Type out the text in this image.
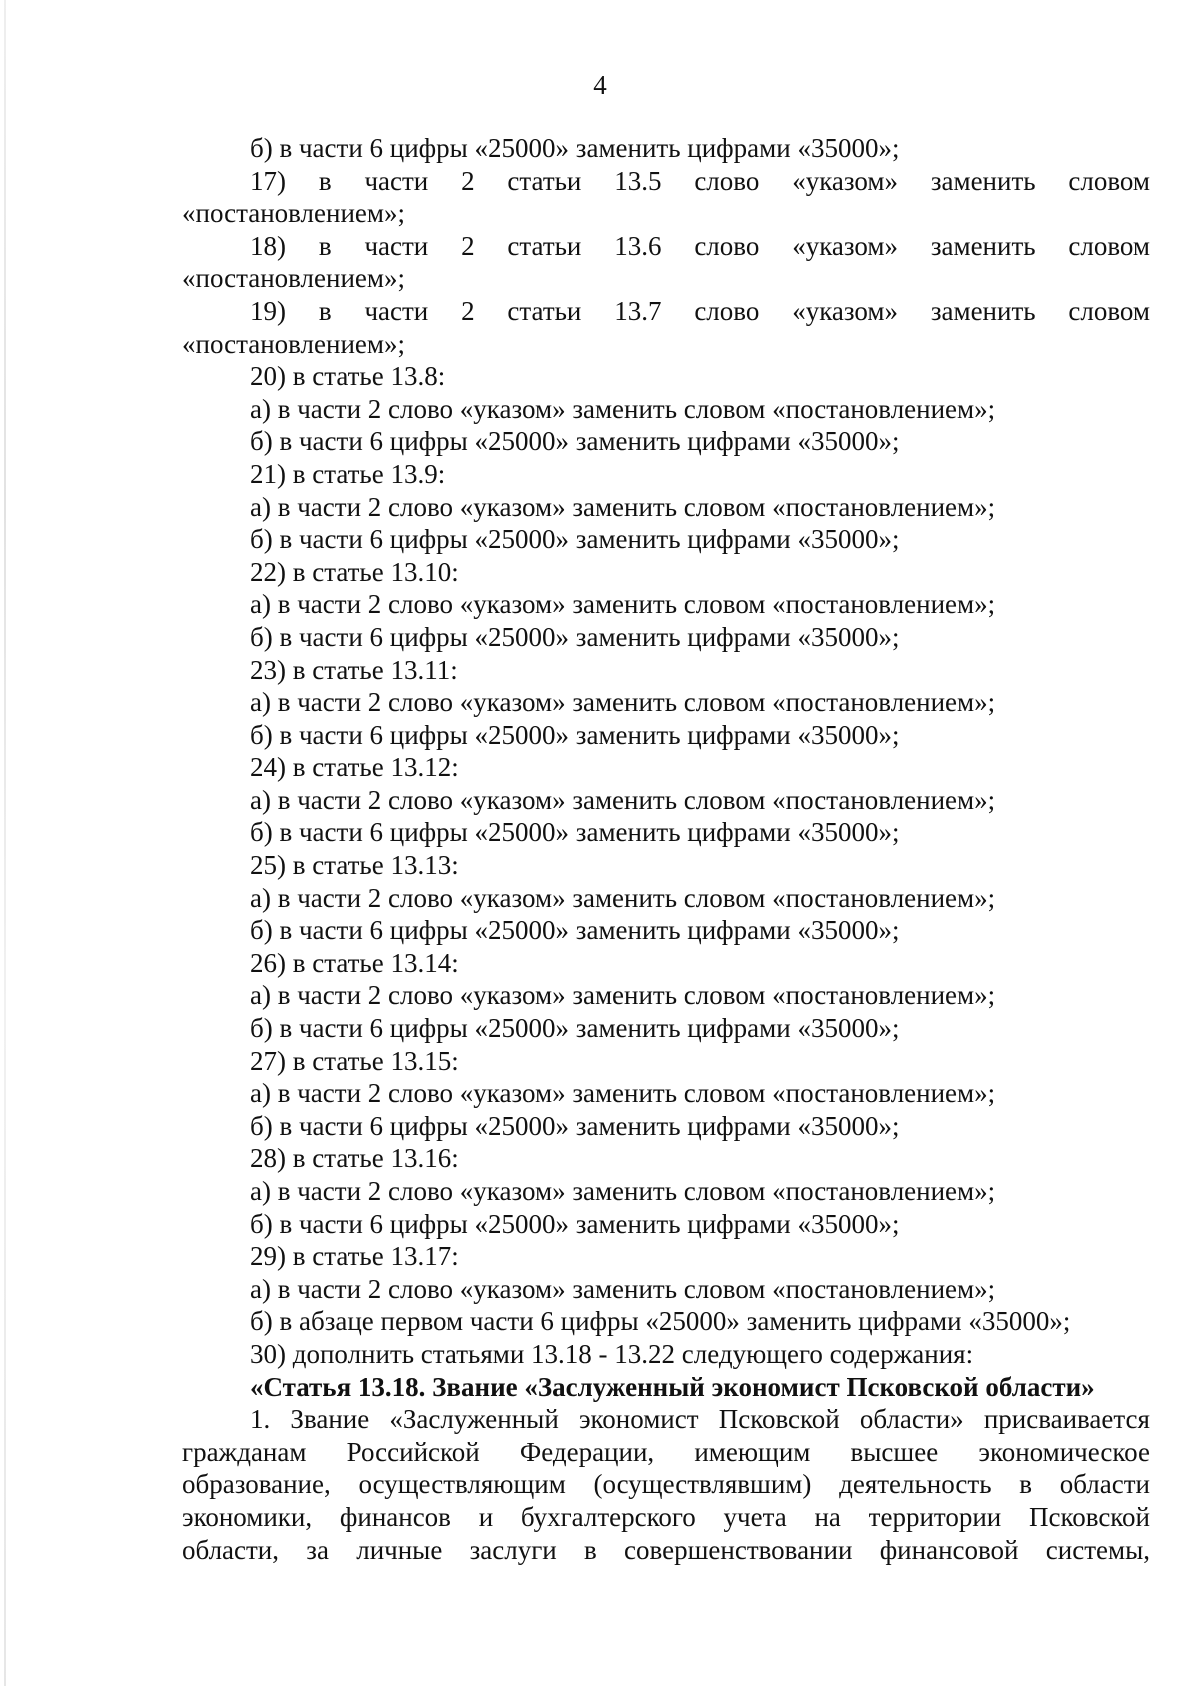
4
б) в части 6 цифры «25000» заменить цифрами «35000»;
17) в части 2 статьи 13.5 слово «указом» заменить словом
«постановлением»;
18) в части 2 статьи 13.6 слово «указом» заменить словом
«постановлением»;
19) в части 2 статьи 13.7 слово «указом» заменить словом
«постановлением»;
20) в статье 13.8:
а) в части 2 слово «указом» заменить словом «постановлением»;
б) в части 6 цифры «25000» заменить цифрами «35000»;
21) в статье 13.9:
а) в части 2 слово «указом» заменить словом «постановлением»;
б) в части 6 цифры «25000» заменить цифрами «35000»;
22) в статье 13.10:
а) в части 2 слово «указом» заменить словом «постановлением»;
б) в части 6 цифры «25000» заменить цифрами «35000»;
23) в статье 13.11:
а) в части 2 слово «указом» заменить словом «постановлением»;
б) в части 6 цифры «25000» заменить цифрами «35000»;
24) в статье 13.12:
а) в части 2 слово «указом» заменить словом «постановлением»;
б) в части 6 цифры «25000» заменить цифрами «35000»;
25) в статье 13.13:
а) в части 2 слово «указом» заменить словом «постановлением»;
б) в части 6 цифры «25000» заменить цифрами «35000»;
26) в статье 13.14:
а) в части 2 слово «указом» заменить словом «постановлением»;
б) в части 6 цифры «25000» заменить цифрами «35000»;
27) в статье 13.15:
а) в части 2 слово «указом» заменить словом «постановлением»;
б) в части 6 цифры «25000» заменить цифрами «35000»;
28) в статье 13.16:
а) в части 2 слово «указом» заменить словом «постановлением»;
б) в части 6 цифры «25000» заменить цифрами «35000»;
29) в статье 13.17:
а) в части 2 слово «указом» заменить словом «постановлением»;
б) в абзаце первом части 6 цифры «25000» заменить цифрами «35000»;
30) дополнить статьями 13.18 - 13.22 следующего содержания:
«Статья 13.18. Звание «Заслуженный экономист Псковской области»
1. Звание «Заслуженный экономист Псковской области» присваивается
гражданам Российской Федерации, имеющим высшее экономическое
образование, осуществляющим (осуществлявшим) деятельность в области
экономики, финансов и бухгалтерского учета на территории Псковской
области, за личные заслуги в совершенствовании финансовой системы,
